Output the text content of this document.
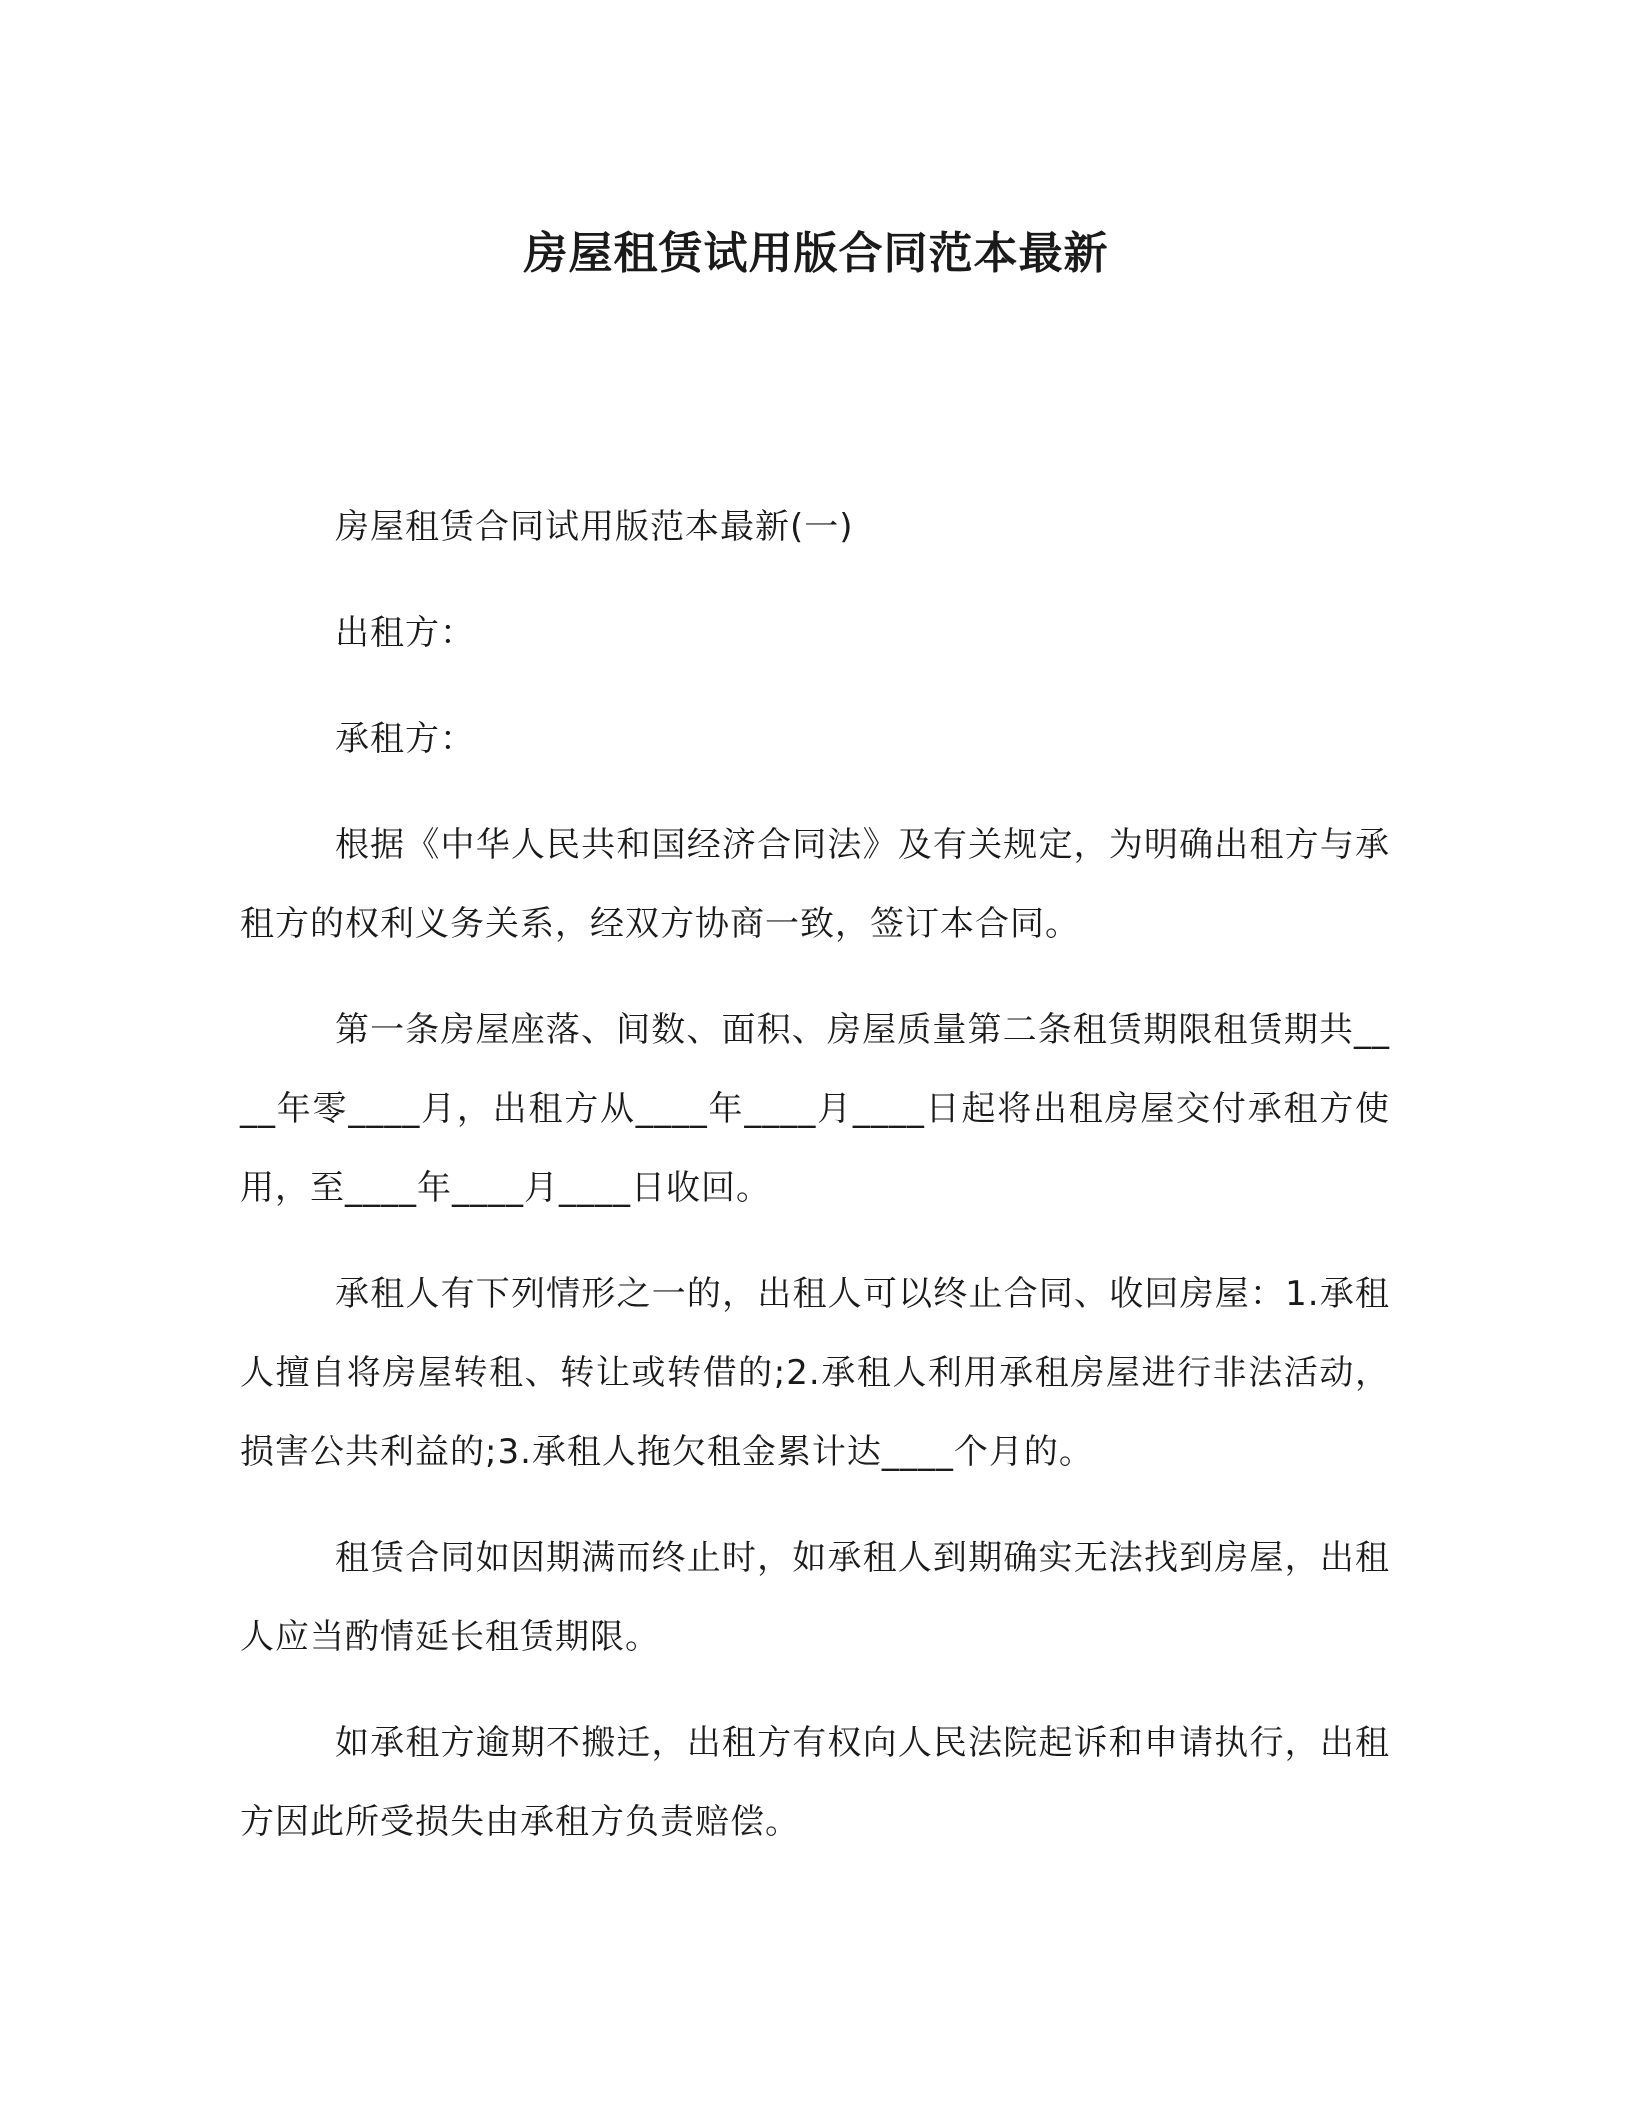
房屋租赁试用版合同范本最新

房屋租赁合同试用版范本最新(一)

出租方：

承租方：

根据《中华人民共和国经济合同法》及有关规定，为明确出租方与承租方的权利义务关系，经双方协商一致，签订本合同。

第一条房屋座落、间数、面积、房屋质量第二条租赁期限租赁期共____年零____月，出租方从____年____月____日起将出租房屋交付承租方使用，至____年____月____日收回。

承租人有下列情形之一的，出租人可以终止合同、收回房屋：1.承租人擅自将房屋转租、转让或转借的;2.承租人利用承租房屋进行非法活动，损害公共利益的;3.承租人拖欠租金累计达____个月的。

租赁合同如因期满而终止时，如承租人到期确实无法找到房屋，出租人应当酌情延长租赁期限。

如承租方逾期不搬迁，出租方有权向人民法院起诉和申请执行，出租方因此所受损失由承租方负责赔偿。
